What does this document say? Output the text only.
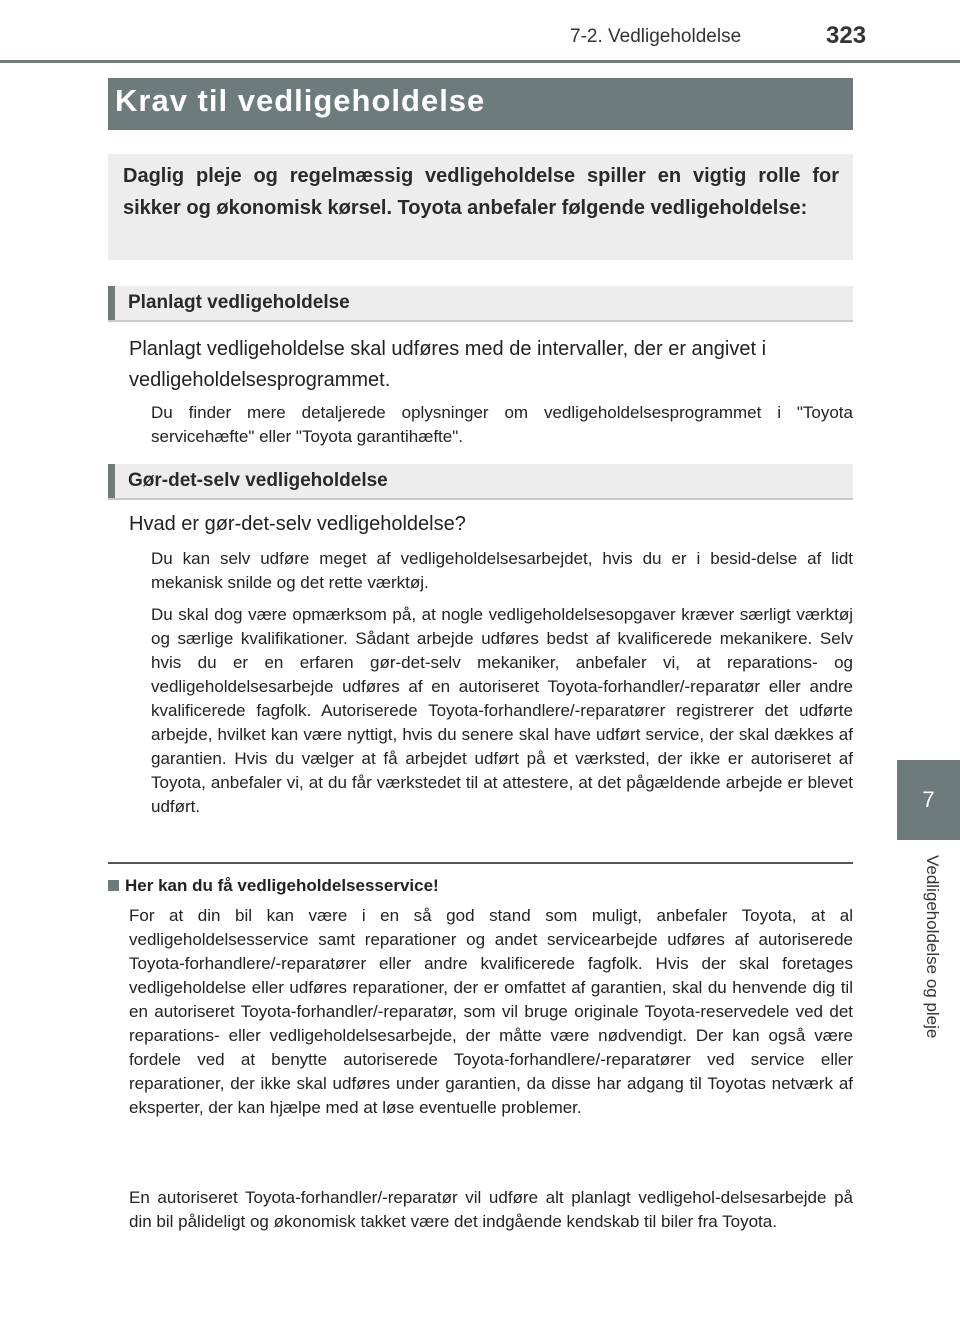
7-2. Vedligeholdelse	323
7
Vedligeholdelse og pleje
Krav til vedligeholdelse
Daglig pleje og regelmæssig vedligeholdelse spiller en vigtig rolle for sikker og økonomisk kørsel. Toyota anbefaler følgende vedligeholdelse:
Planlagt vedligeholdelse
Planlagt vedligeholdelse skal udføres med de intervaller, der er angivet i vedligeholdelsesprogrammet.
Du finder mere detaljerede oplysninger om vedligeholdelsesprogrammet i "Toyota servicehæfte" eller "Toyota garantihæfte".
Gør-det-selv vedligeholdelse
Hvad er gør-det-selv vedligeholdelse?
Du kan selv udføre meget af vedligeholdelsesarbejdet, hvis du er i besid-delse af lidt mekanisk snilde og det rette værktøj.
Du skal dog være opmærksom på, at nogle vedligeholdelsesopgaver kræver særligt værktøj og særlige kvalifikationer. Sådant arbejde udføres bedst af kvalificerede mekanikere. Selv hvis du er en erfaren gør-det-selv mekaniker, anbefaler vi, at reparations- og vedligeholdelsesarbejde udføres af en autoriseret Toyota-forhandler/-reparatør eller andre kvalificerede fagfolk. Autoriserede Toyota-forhandlere/-reparatører registrerer det udførte arbejde, hvilket kan være nyttigt, hvis du senere skal have udført service, der skal dækkes af garantien. Hvis du vælger at få arbejdet udført på et værksted, der ikke er autoriseret af Toyota, anbefaler vi, at du får værkstedet til at attestere, at det pågældende arbejde er blevet udført.
Her kan du få vedligeholdelsesservice!
For at din bil kan være i en så god stand som muligt, anbefaler Toyota, at al vedligeholdelsesservice samt reparationer og andet servicearbejde udføres af autoriserede Toyota-forhandlere/-reparatører eller andre kvalificerede fagfolk. Hvis der skal foretages vedligeholdelse eller udføres reparationer, der er omfattet af garantien, skal du henvende dig til en autoriseret Toyota-forhandler/-reparatør, som vil bruge originale Toyota-reservedele ved det reparations- eller vedligeholdelsesarbejde, der måtte være nødvendigt. Der kan også være fordele ved at benytte autoriserede Toyota-forhandlere/-reparatører ved service eller reparationer, der ikke skal udføres under garantien, da disse har adgang til Toyotas netværk af eksperter, der kan hjælpe med at løse eventuelle problemer.
En autoriseret Toyota-forhandler/-reparatør vil udføre alt planlagt vedligehol-delsesarbejde på din bil pålideligt og økonomisk takket være det indgående kendskab til biler fra Toyota.
